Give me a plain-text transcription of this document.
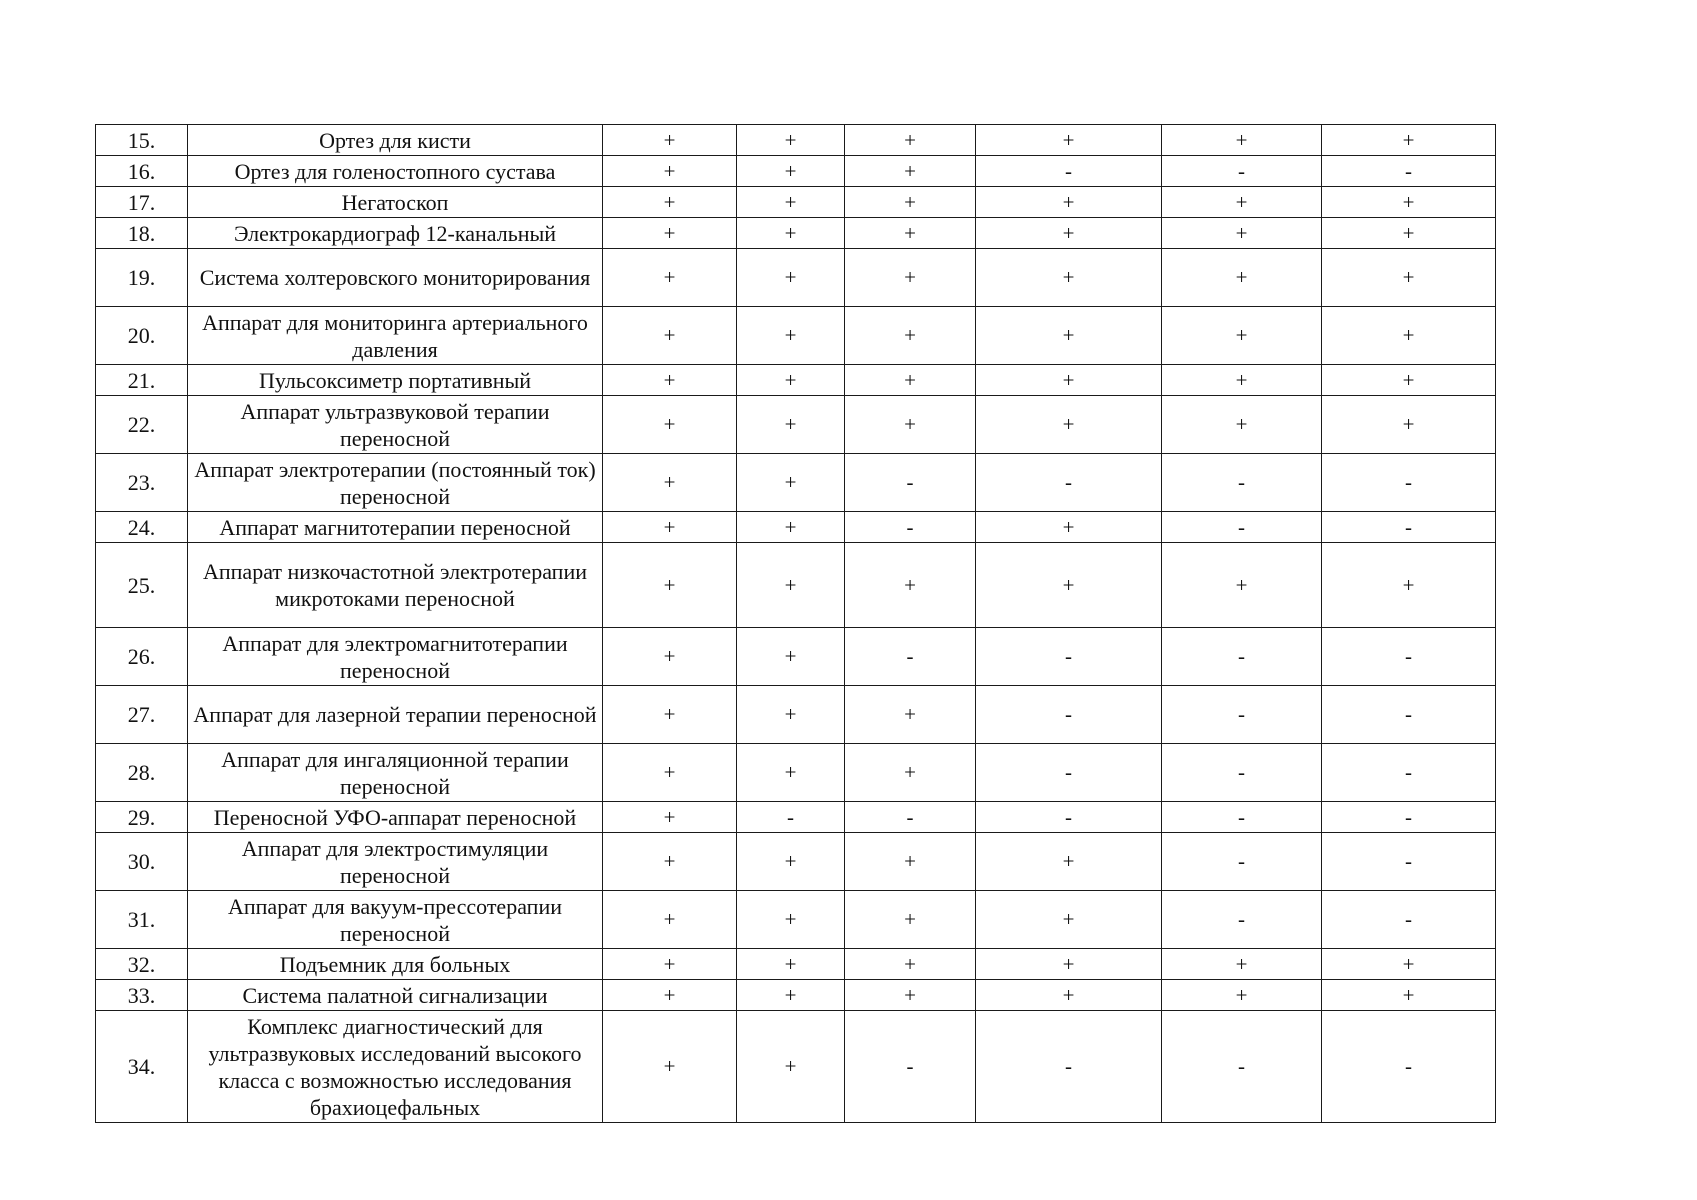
15.	Ортез для кисти	+	+	+	+	+	+
16.	Ортез для голеностопного сустава	+	+	+	-	-	-
17.	Негатоскоп	+	+	+	+	+	+
18.	Электрокардиограф 12-канальный	+	+	+	+	+	+
19.	Система холтеровского мониторирования	+	+	+	+	+	+
20.	Аппарат для мониторинга артериального давления	+	+	+	+	+	+
21.	Пульсоксиметр портативный	+	+	+	+	+	+
22.	Аппарат ультразвуковой терапии переносной	+	+	+	+	+	+
23.	Аппарат электротерапии (постоянный ток) переносной	+	+	-	-	-	-
24.	Аппарат магнитотерапии переносной	+	+	-	+	-	-
25.	Аппарат низкочастотной электротерапии микротоками переносной	+	+	+	+	+	+
26.	Аппарат для электромагнитотерапии переносной	+	+	-	-	-	-
27.	Аппарат для лазерной терапии переносной	+	+	+	-	-	-
28.	Аппарат для ингаляционной терапии переносной	+	+	+	-	-	-
29.	Переносной УФО-аппарат переносной	+	-	-	-	-	-
30.	Аппарат для электростимуляции переносной	+	+	+	+	-	-
31.	Аппарат для вакуум-прессотерапии переносной	+	+	+	+	-	-
32.	Подъемник для больных	+	+	+	+	+	+
33.	Система палатной сигнализации	+	+	+	+	+	+
34.	Комплекс диагностический для ультразвуковых исследований высокого класса с возможностью исследования брахиоцефальных	+	+	-	-	-	-
